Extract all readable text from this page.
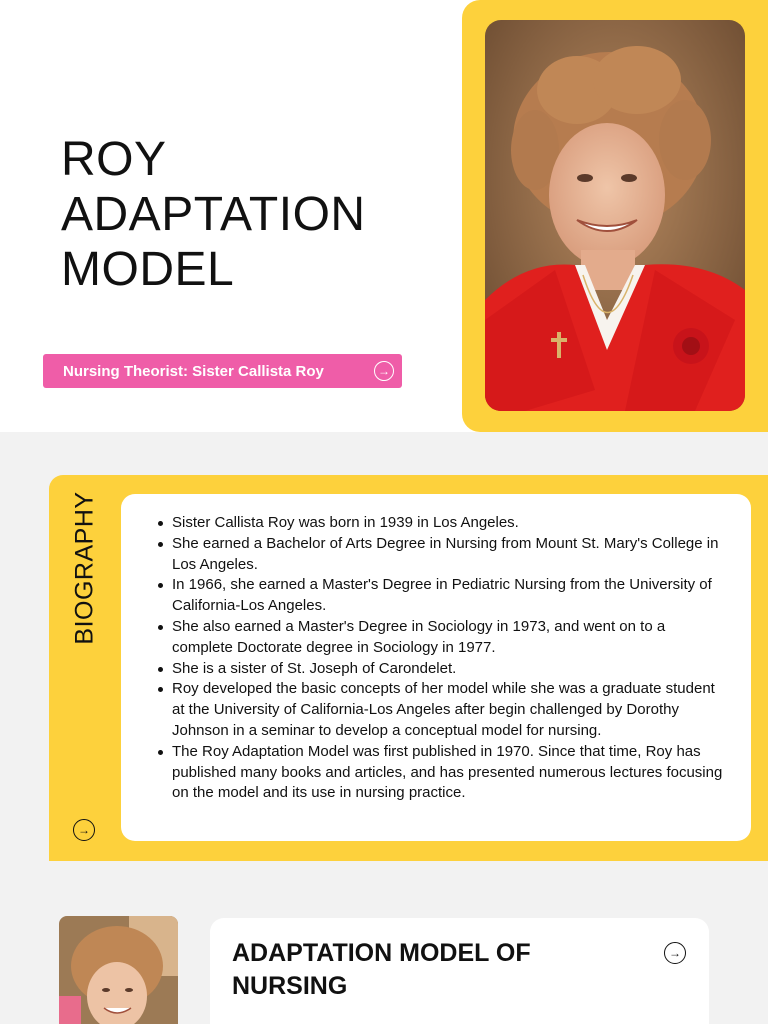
ROY
ADAPTATION
MODEL
Nursing Theorist: Sister Callista Roy	→
BIOGRAPHY
→
Sister Callista Roy was born in 1939 in Los Angeles.
She earned a Bachelor of Arts Degree in Nursing from Mount St. Mary's College in Los Angeles.
In 1966, she earned a Master's Degree in Pediatric Nursing from the University of California-Los Angeles.
She also earned a Master's Degree in Sociology in 1973, and went on to a complete Doctorate degree in Sociology in 1977.
She is a sister of St. Joseph of Carondelet.
Roy developed the basic concepts of her model while she was a graduate student at the University of California-Los Angeles after begin challenged by Dorothy Johnson in a seminar to develop a conceptual model for nursing.
The Roy Adaptation Model was first published in 1970. Since that time, Roy has published many books and articles, and has presented numerous lectures focusing on the model and its use in nursing practice.
ADAPTATION MODEL OF NURSING
→
